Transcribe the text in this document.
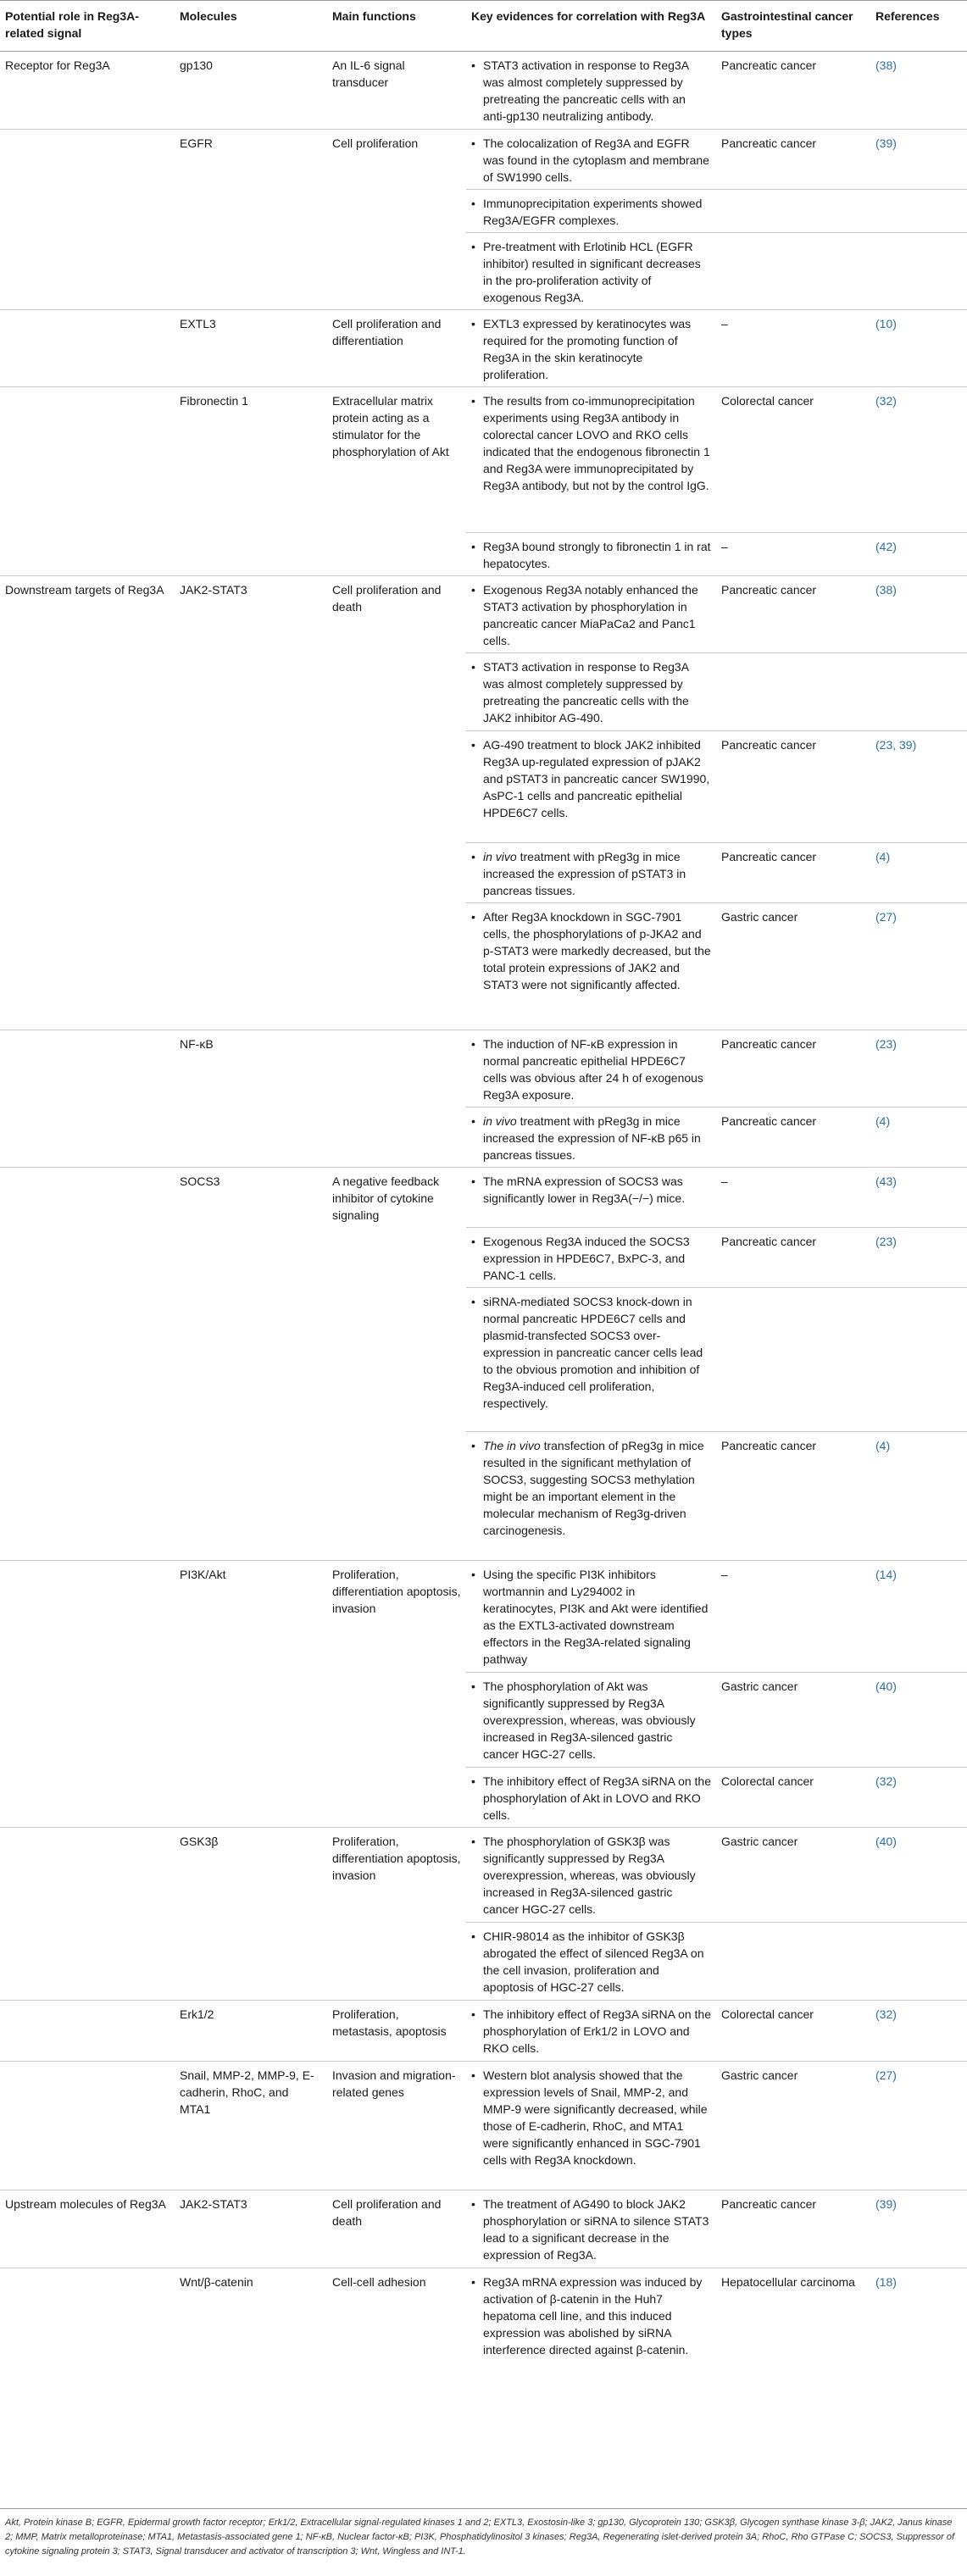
Potential role in Reg3A-related signal	Molecules	Main functions	Key evidences for correlation with Reg3A	Gastrointestinal cancer types	References
Receptor for Reg3A	gp130	An IL-6 signal transducer	• STAT3 activation in response to Reg3A was almost completely suppressed by pretreating the pancreatic cells with an anti-gp130 neutralizing antibody.	Pancreatic cancer	(38)
	EGFR	Cell proliferation	• The colocalization of Reg3A and EGFR was found in the cytoplasm and membrane of SW1990 cells.	Pancreatic cancer	(39)

			• Immunoprecipitation experiments showed Reg3A/EGFR complexes.

			• Pre-treatment with Erlotinib HCL (EGFR inhibitor) resulted in significant decreases in the pro-proliferation activity of exogenous Reg3A.

	EXTL3	Cell proliferation and differentiation	• EXTL3 expressed by keratinocytes was required for the promoting function of Reg3A in the skin keratinocyte proliferation.	–	(10)
	Fibronectin 1	Extracellular matrix protein acting as a stimulator for the phosphorylation of Akt	• The results from co-immunoprecipitation experiments using Reg3A antibody in colorectal cancer LOVO and RKO cells indicated that the endogenous fibronectin 1 and Reg3A were immunoprecipitated by Reg3A antibody, but not by the control IgG.	Colorectal cancer	(32)

			• Reg3A bound strongly to fibronectin 1 in rat hepatocytes.	–	(42)
Downstream targets of Reg3A	JAK2-STAT3	Cell proliferation and death	• Exogenous Reg3A notably enhanced the STAT3 activation by phosphorylation in pancreatic cancer MiaPaCa2 and Panc1 cells.	Pancreatic cancer	(38)

			• STAT3 activation in response to Reg3A was almost completely suppressed by pretreating the pancreatic cells with the JAK2 inhibitor AG-490.

			• AG-490 treatment to block JAK2 inhibited Reg3A up-regulated expression of pJAK2 and pSTAT3 in pancreatic cancer SW1990, AsPC-1 cells and pancreatic epithelial HPDE6C7 cells.	Pancreatic cancer	(23, 39)

			• in vivo treatment with pReg3g in mice increased the expression of pSTAT3 in pancreas tissues.	Pancreatic cancer	(4)

			• After Reg3A knockdown in SGC-7901 cells, the phosphorylations of p-JKA2 and p-STAT3 were markedly decreased, but the total protein expressions of JAK2 and STAT3 were not significantly affected.	Gastric cancer	(27)
	NF-κB		• The induction of NF-κB expression in normal pancreatic epithelial HPDE6C7 cells was obvious after 24 h of exogenous Reg3A exposure.	Pancreatic cancer	(23)

			• in vivo treatment with pReg3g in mice increased the expression of NF-κB p65 in pancreas tissues.	Pancreatic cancer	(4)
	SOCS3	A negative feedback inhibitor of cytokine signaling	• The mRNA expression of SOCS3 was significantly lower in Reg3A(−/−) mice.	–	(43)

			• Exogenous Reg3A induced the SOCS3 expression in HPDE6C7, BxPC-3, and PANC-1 cells.	Pancreatic cancer	(23)

			• siRNA-mediated SOCS3 knock-down in normal pancreatic HPDE6C7 cells and plasmid-transfected SOCS3 over-expression in pancreatic cancer cells lead to the obvious promotion and inhibition of Reg3A-induced cell proliferation, respectively.

			• The in vivo transfection of pReg3g in mice resulted in the significant methylation of SOCS3, suggesting SOCS3 methylation might be an important element in the molecular mechanism of Reg3g-driven carcinogenesis.	Pancreatic cancer	(4)
	PI3K/Akt	Proliferation, differentiation apoptosis, invasion	• Using the specific PI3K inhibitors wortmannin and Ly294002 in keratinocytes, PI3K and Akt were identified as the EXTL3-activated downstream effectors in the Reg3A-related signaling pathway	–	(14)

			• The phosphorylation of Akt was significantly suppressed by Reg3A overexpression, whereas, was obviously increased in Reg3A-silenced gastric cancer HGC-27 cells.	Gastric cancer	(40)

			• The inhibitory effect of Reg3A siRNA on the phosphorylation of Akt in LOVO and RKO cells.	Colorectal cancer	(32)
	GSK3β	Proliferation, differentiation apoptosis, invasion	• The phosphorylation of GSK3β was significantly suppressed by Reg3A overexpression, whereas, was obviously increased in Reg3A-silenced gastric cancer HGC-27 cells.	Gastric cancer	(40)

			• CHIR-98014 as the inhibitor of GSK3β abrogated the effect of silenced Reg3A on the cell invasion, proliferation and apoptosis of HGC-27 cells.

	Erk1/2	Proliferation, metastasis, apoptosis	• The inhibitory effect of Reg3A siRNA on the phosphorylation of Erk1/2 in LOVO and RKO cells.	Colorectal cancer	(32)
	Snail, MMP-2, MMP-9, E-cadherin, RhoC, and MTA1	Invasion and migration-related genes	• Western blot analysis showed that the expression levels of Snail, MMP-2, and MMP-9 were significantly decreased, while those of E-cadherin, RhoC, and MTA1 were significantly enhanced in SGC-7901 cells with Reg3A knockdown.	Gastric cancer	(27)
Upstream molecules of Reg3A	JAK2-STAT3	Cell proliferation and death	• The treatment of AG490 to block JAK2 phosphorylation or siRNA to silence STAT3 lead to a significant decrease in the expression of Reg3A.	Pancreatic cancer	(39)
	Wnt/β-catenin	Cell-cell adhesion	• Reg3A mRNA expression was induced by activation of β-catenin in the Huh7 hepatoma cell line, and this induced expression was abolished by siRNA interference directed against β-catenin.	Hepatocellular carcinoma	(18)
Akt, Protein kinase B; EGFR, Epidermal growth factor receptor; Erk1/2, Extracellular signal-regulated kinases 1 and 2; EXTL3, Exostosin-like 3; gp130, Glycoprotein 130; GSK3β, Glycogen synthase kinase 3-β; JAK2, Janus kinase 2; MMP, Matrix metalloproteinase; MTA1, Metastasis-associated gene 1; NF-κB, Nuclear factor-κB; PI3K, Phosphatidylinositol 3 kinases; Reg3A, Regenerating islet-derived protein 3A; RhoC, Rho GTPase C; SOCS3, Suppressor of cytokine signaling protein 3; STAT3, Signal transducer and activator of transcription 3; Wnt, Wingless and INT-1.
